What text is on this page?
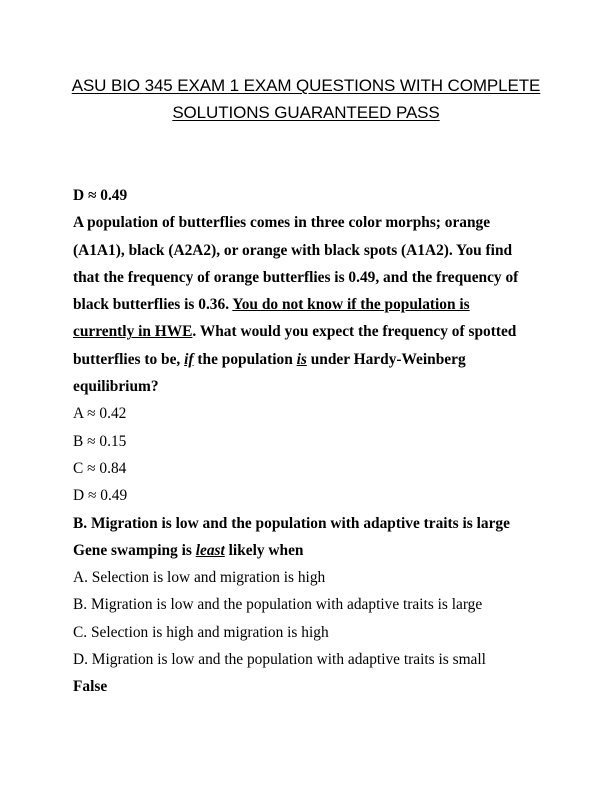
ASU BIO 345 EXAM 1 EXAM QUESTIONS WITH COMPLETE
SOLUTIONS GUARANTEED PASS
D ≈ 0.49
A population of butterflies comes in three color morphs; orange
(A1A1), black (A2A2), or orange with black spots (A1A2). You find
that the frequency of orange butterflies is 0.49, and the frequency of
black butterflies is 0.36. You do not know if the population is
currently in HWE. What would you expect the frequency of spotted
butterflies to be, if the population is under Hardy-Weinberg
equilibrium?
A ≈ 0.42
B ≈ 0.15
C ≈ 0.84
D ≈ 0.49
B. Migration is low and the population with adaptive traits is large
Gene swamping is least likely when
A. Selection is low and migration is high
B. Migration is low and the population with adaptive traits is large
C. Selection is high and migration is high
D. Migration is low and the population with adaptive traits is small
False
